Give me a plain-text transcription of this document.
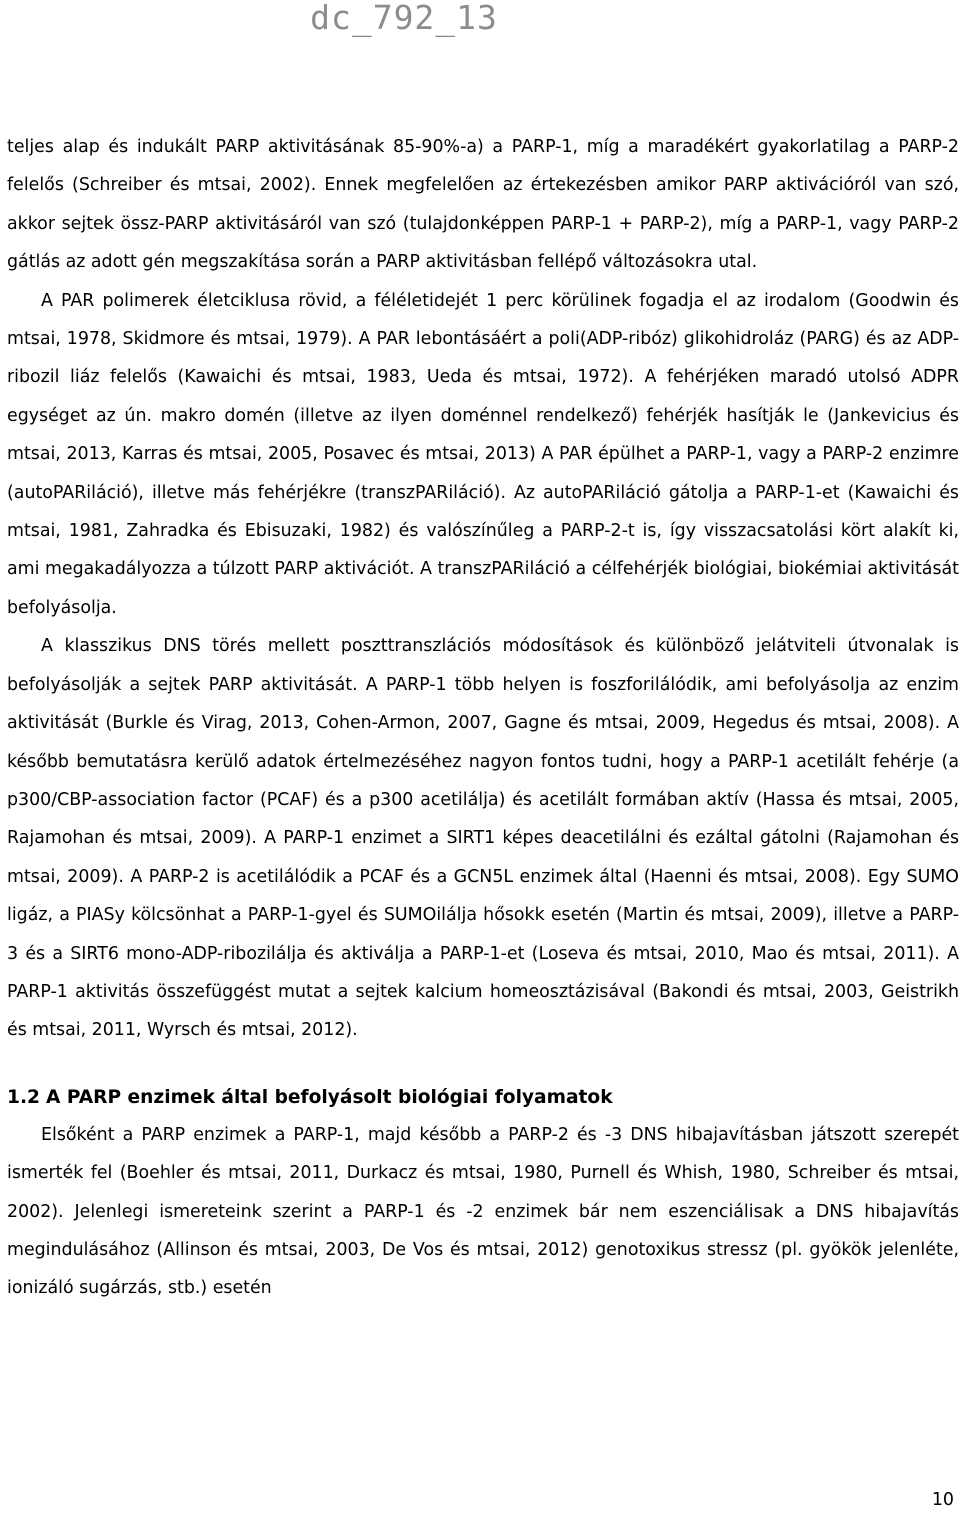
dc_792_13

teljes alap és indukált PARP aktivitásának 85-90%-a) a PARP-1, míg a maradékért gyakorlatilag a PARP-2 felelős (Schreiber és mtsai, 2002). Ennek megfelelően az értekezésben amikor PARP aktivációról van szó, akkor sejtek össz-PARP aktivitásáról van szó (tulajdonképpen PARP-1 + PARP-2), míg a PARP-1, vagy PARP-2 gátlás az adott gén megszakítása során a PARP aktivitásban fellépő változásokra utal.

A PAR polimerek életciklusa rövid, a féléletidejét 1 perc körülinek fogadja el az irodalom (Goodwin és mtsai, 1978, Skidmore és mtsai, 1979). A PAR lebontásáért a poli(ADP-ribóz) glikohidroláz (PARG) és az ADP-ribozil liáz felelős (Kawaichi és mtsai, 1983, Ueda és mtsai, 1972). A fehérjéken maradó utolsó ADPR egységet az ún. makro domén (illetve az ilyen doménnel rendelkező) fehérjék hasítják le (Jankevicius és mtsai, 2013, Karras és mtsai, 2005, Posavec és mtsai, 2013) A PAR épülhet a PARP-1, vagy a PARP-2 enzimre (autoPARiláció), illetve más fehérjékre (transzPARiláció). Az autoPARiláció gátolja a PARP-1-et (Kawaichi és mtsai, 1981, Zahradka és Ebisuzaki, 1982) és valószínűleg a PARP-2-t is, így visszacsatolási kört alakít ki, ami megakadályozza a túlzott PARP aktivációt. A transzPARiláció a célfehérjék biológiai, biokémiai aktivitását befolyásolja.

A klasszikus DNS törés mellett poszttranszlációs módosítások és különböző jelátviteli útvonalak is befolyásolják a sejtek PARP aktivitását. A PARP-1 több helyen is foszforilálódik, ami befolyásolja az enzim aktivitását (Burkle és Virag, 2013, Cohen-Armon, 2007, Gagne és mtsai, 2009, Hegedus és mtsai, 2008). A később bemutatásra kerülő adatok értelmezéséhez nagyon fontos tudni, hogy a PARP-1 acetilált fehérje (a p300/CBP-association factor (PCAF) és a p300 acetilálja) és acetilált formában aktív (Hassa és mtsai, 2005, Rajamohan és mtsai, 2009). A PARP-1 enzimet a SIRT1 képes deacetilálni és ezáltal gátolni (Rajamohan és mtsai, 2009). A PARP-2 is acetilálódik a PCAF és a GCN5L enzimek által (Haenni és mtsai, 2008). Egy SUMO ligáz, a PIASy kölcsönhat a PARP-1-gyel és SUMOilálja hősokk esetén (Martin és mtsai, 2009), illetve a PARP-3 és a SIRT6 mono-ADP-ribozilálja és aktiválja a PARP-1-et (Loseva és mtsai, 2010, Mao és mtsai, 2011). A PARP-1 aktivitás összefüggést mutat a sejtek kalcium homeosztázisával (Bakondi és mtsai, 2003, Geistrikh és mtsai, 2011, Wyrsch és mtsai, 2012).

1.2 A PARP enzimek által befolyásolt biológiai folyamatok

Elsőként a PARP enzimek a PARP-1, majd később a PARP-2 és -3 DNS hibajavításban játszott szerepét ismerték fel (Boehler és mtsai, 2011, Durkacz és mtsai, 1980, Purnell és Whish, 1980, Schreiber és mtsai, 2002). Jelenlegi ismereteink szerint a PARP-1 és -2 enzimek bár nem eszenciálisak a DNS hibajavítás megindulásához (Allinson és mtsai, 2003, De Vos és mtsai, 2012) genotoxikus stressz (pl. gyökök jelenléte, ionizáló sugárzás, stb.) esetén

10
